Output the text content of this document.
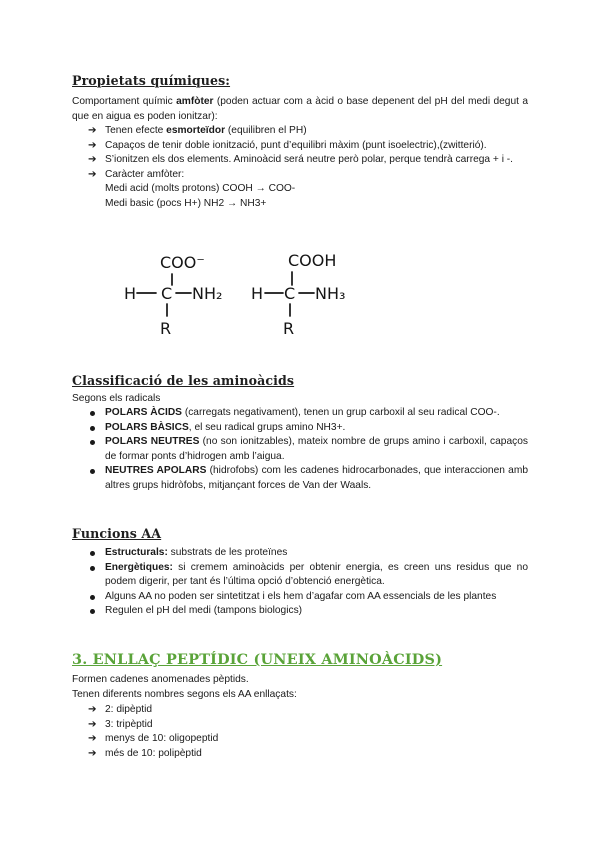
Propietats químiques:

Comportament químic amfòter (poden actuar com a àcid o base depenent del pH del medi degut a que en aigua es poden ionitzar):

➔ Tenen efecte esmorteïdor (equilibren el PH)
➔ Capaços de tenir doble ionització, punt d’equilibri màxim (punt isoelectric),(zwitterió).
➔ S’ionitzen els dos elements. Aminoàcid será neutre però polar, perque tendrà carrega + i -.
➔ Caràcter amfòter:
Medi acid (molts protons) COOH → COO-
Medi basic (pocs H+) NH2 → NH3+
COO⁻
H C NH₂
R
COOH
H C NH₃
R
Classificació de les aminoàcids

Segons els radicals

POLARS ÀCIDS (carregats negativament), tenen un grup carboxil al seu radical COO-.
POLARS BÀSICS, el seu radical grups amino NH3+.
POLARS NEUTRES (no son ionitzables), mateix nombre de grups amino i carboxil, capaços de formar ponts d’hidrogen amb l’aigua.
NEUTRES APOLARS (hidrofobs) com les cadenes hidrocarbonades, que interaccionen amb altres grups hidròfobs, mitjançant forces de Van der Waals.
Funcions AA
Estructurals: substrats de les proteïnes
Energètiques: si cremem aminoàcids per obtenir energia, es creen uns residus que no podem digerir, per tant és l’última opció d’obtenció energètica.
Alguns AA no poden ser sintetitzat i els hem d’agafar com AA essencials de les plantes
Regulen el pH del medi (tampons biologics)
3. ENLLAÇ PEPTÍDIC (UNEIX AMINOÀCIDS)

Formen cadenes anomenades pèptids.

Tenen diferents nombres segons els AA enllaçats:

➔ 2: dipèptid
➔ 3: tripèptid
➔ menys de 10: oligopeptid
➔ més de 10: polipèptid
